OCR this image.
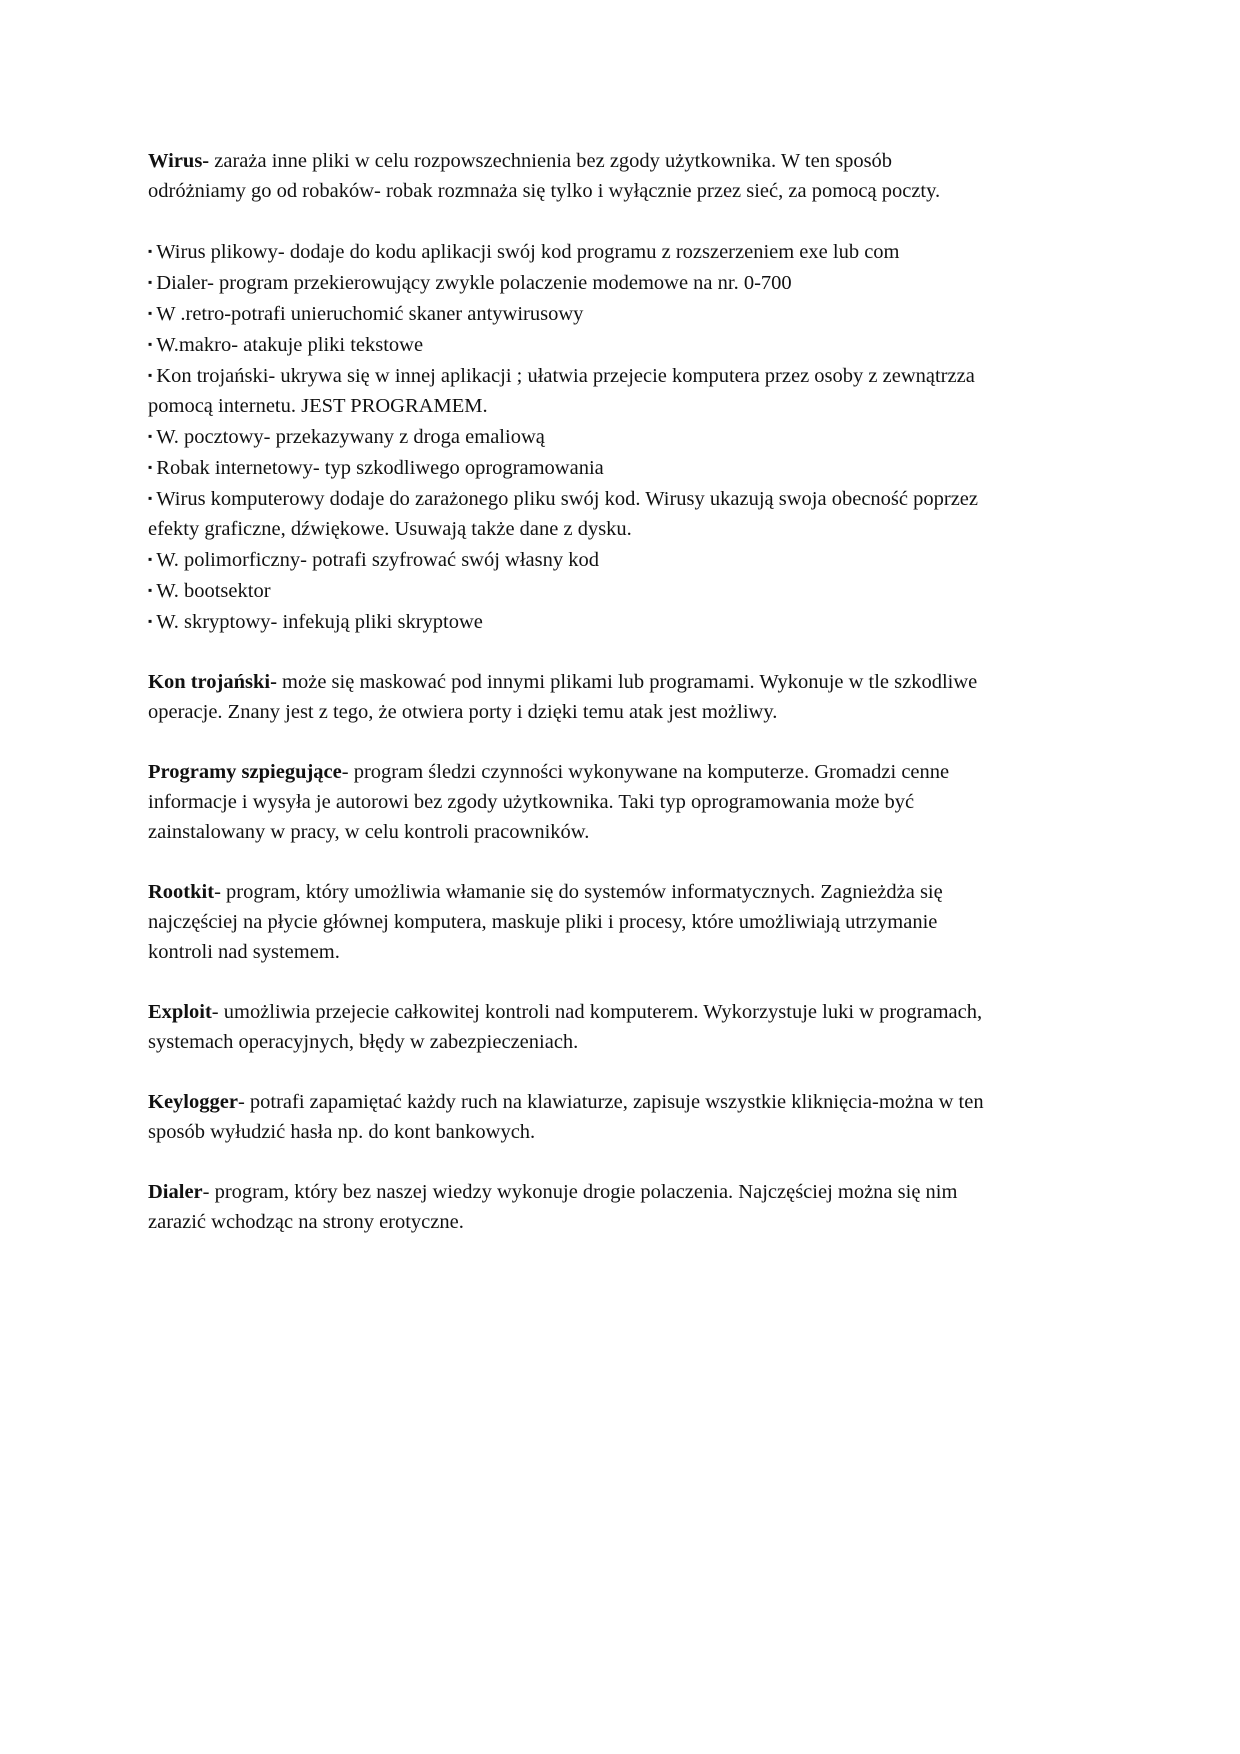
Wirus- zaraża inne pliki w celu rozpowszechnienia bez zgody użytkownika. W ten sposób
odróżniamy go od robaków- robak rozmnaża się tylko i wyłącznie przez sieć, za pomocą poczty.
▪ Wirus plikowy- dodaje do kodu aplikacji swój kod programu z rozszerzeniem exe lub com
▪ Dialer- program przekierowujący zwykle polaczenie modemowe na nr. 0-700
▪ W .retro-potrafi unieruchomić skaner antywirusowy
▪ W.makro- atakuje pliki tekstowe
▪ Kon trojański- ukrywa się w innej aplikacji ; ułatwia przejecie komputera przez osoby z zewnątrzza
pomocą internetu. JEST PROGRAMEM.
▪ W. pocztowy- przekazywany z droga emaliową
▪ Robak internetowy- typ szkodliwego oprogramowania
▪ Wirus komputerowy dodaje do zarażonego pliku swój kod. Wirusy ukazują swoja obecność poprzez
efekty graficzne, dźwiękowe. Usuwają także dane z dysku.
▪ W. polimorficzny- potrafi szyfrować swój własny kod
▪ W. bootsektor
▪ W. skryptowy- infekują pliki skryptowe
Kon trojański- może się maskować pod innymi plikami lub programami. Wykonuje w tle szkodliwe
operacje. Znany jest z tego, że otwiera porty i dzięki temu atak jest możliwy.
Programy szpiegujące- program śledzi czynności wykonywane na komputerze. Gromadzi cenne
informacje i wysyła je autorowi bez zgody użytkownika. Taki typ oprogramowania może być
zainstalowany w pracy, w celu kontroli pracowników.
Rootkit- program, który umożliwia włamanie się do systemów informatycznych. Zagnieżdża się
najczęściej na płycie głównej komputera, maskuje pliki i procesy, które umożliwiają utrzymanie
kontroli nad systemem.
Exploit- umożliwia przejecie całkowitej kontroli nad komputerem. Wykorzystuje luki w programach,
systemach operacyjnych, błędy w zabezpieczeniach.
Keylogger- potrafi zapamiętać każdy ruch na klawiaturze, zapisuje wszystkie kliknięcia-można w ten
sposób wyłudzić hasła np. do kont bankowych.
Dialer- program, który bez naszej wiedzy wykonuje drogie polaczenia. Najczęściej można się nim
zarazić wchodząc na strony erotyczne.
